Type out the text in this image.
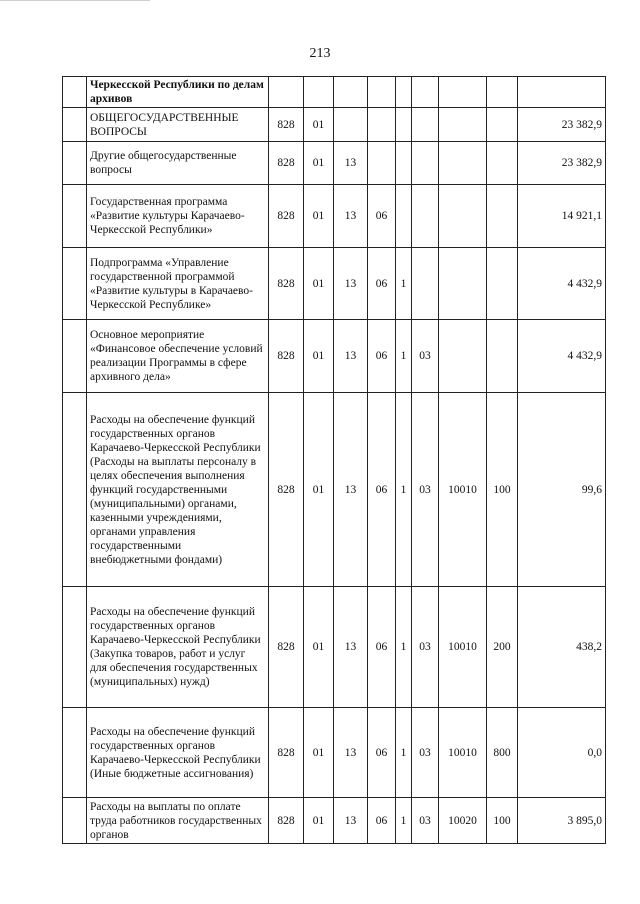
213
	Черкесской Республики по делам архивов									
	ОБЩЕГОСУДАРСТВЕННЫЕ ВОПРОСЫ	828	01							23 382,9
	Другие общегосударственные вопросы	828	01	13						23 382,9
	Государственная программа «Развитие культуры Карачаево-Черкесской Республики»	828	01	13	06					14 921,1
	Подпрограмма «Управление государственной программой «Развитие культуры в Карачаево-Черкесской Республике»	828	01	13	06	1				4 432,9
	Основное мероприятие «Финансовое обеспечение условий реализации Программы в сфере архивного дела»	828	01	13	06	1	03			4 432,9
	Расходы на обеспечение функций государственных органов Карачаево-Черкесской Республики (Расходы на выплаты персоналу в целях обеспечения выполнения функций государственными (муниципальными) органами, казенными учреждениями, органами управления государственными внебюджетными фондами)	828	01	13	06	1	03	10010	100	99,6
	Расходы на обеспечение функций государственных органов Карачаево-Черкесской Республики (Закупка товаров, работ и услуг для обеспечения государственных (муниципальных) нужд)	828	01	13	06	1	03	10010	200	438,2
	Расходы на обеспечение функций государственных органов Карачаево-Черкесской Республики (Иные бюджетные ассигнования)	828	01	13	06	1	03	10010	800	0,0
	Расходы на выплаты по оплате труда работников государственных органов	828	01	13	06	1	03	10020	100	3 895,0
